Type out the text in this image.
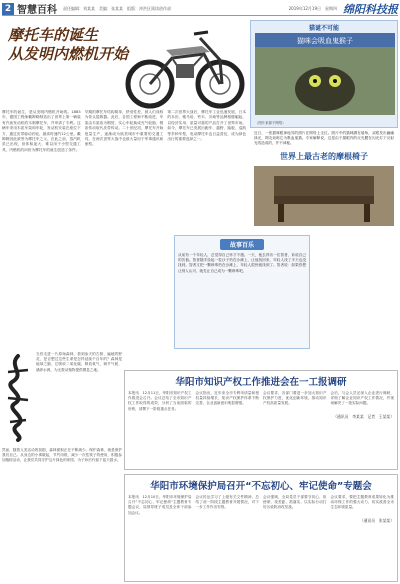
2 智慧百科 责任编辑：刘某某　美编：张某某　组版：冲洪区阅读创作部	2019年12月19日　星期四 绵阳科技报
摩托车的诞生
从发明内燃机开始
摩托车的诞生，是从发明内燃机开始的。1885年，德国工程师戴姆勒制造出了世界上第一辆装有汽油发动机的木制摩托车，并申请了专利。这辆车采用木质车架和车轮，发动机安装在座位下方，通过皮带驱动后轮，最高时速约12公里。戴姆勒因此被誉为摩托车之父。在此之前，蒸汽机虽已出现，但体积庞大，难以用于小型交通工具，内燃机的问世为摩托车的诞生创造了条件。
早期的摩托车结构简单，舒适性差，被人们戏称为骨头摇散器。此后，各国工程师不断改进，车架由木质改为钢管，实心车轮换成充气轮胎，链条传动取代皮带传动。二十世纪初，摩托车开始批量生产，逐渐成为欧美城市中重要的交通工具，在两次世界大战中也被大量用于军事通讯和侦察。
第二次世界大战后，摩托车工业迅速发展，日本的本田、雅马哈、铃木、川崎等品牌相继崛起，以经济实用、质量可靠的产品打开了世界市场。如今，摩托车已发展出跑车、越野、踏板、巡航等多种车型，电动摩托车也日益普及，成为绿色出行的重要选择之一。
猫谜不可能
猫咪会吸血鬼猴子
（图片来源于网络）
近日，一张猫咪眼神诡异的照片在网络上走红。照片中的猫咪蹲在墙角，双眼发出幽幽绿光，网友戏称它为吸血鬼猫。专家解释说，这是由于猫眼内的反光膜在闪光灯下反射光线造成的，并不神秘。
世界上最古老的摩根椅子
故事百乐
从前有一个年轻人，总觉得自己怀才不遇。一天，他去拜访一位智者，诉说自己的苦恼。智者随手捡起一粒沙子扔在沙滩上，让他找回来，年轻人找了半天也没找到。智者又把一颗珍珠扔在沙滩上，年轻人很快就找到了。智者说：如果你想让别人认可，就先让自己成为一颗珍珠吧。
当你走进一片原始森林，看到参天的古树、遍地的野花，是否想过这些生命是怎样延续千百年的？森林是地球之肺，它吸收二氧化碳，释放氧气，调节气候，涵养水源，为无数动植物提供栖息之地。
然而，随着人类活动的加剧，森林面积正在不断减少。保护森林，就是保护我们自己。从身边的小事做起，节约用纸，减少一次性筷子的使用，积极参加植树活动，让我们共同守护这片绿色的家园，为子孙后代留下蓝天碧水。
华阳市知识产权工作推进会在一工报调研
本报讯　12月11日，华阳市知识产权工作推进会召开。会议总结了全市知识产权工作取得的成效，分析了当前面临的形势，部署下一阶段重点任务。
会议指出，近年来全市专利申请量和授权量持续增长，知识产权保护体系不断完善，企业创新意识明显增强。
会议要求，各部门要进一步加大知识产权保护力度，优化创新环境，推动知识产权高质量发展。
会后，与会人员还深入企业进行调研，详细了解企业知识产权工作情况，并现场解决了一批实际问题。
（通讯员　李某某　记者　王某某）
华阳市环境保护局召开“不忘初心、牢记使命”专题会
本报讯　12月10日，华阳市环境保护局召开“不忘初心、牢记使命”主题教育专题会议，局领导班子成员及全体干部参加会议。
会议传达学习了上级有关文件精神，总结了前一阶段主题教育开展情况，对下一步工作作出安排。
会议强调，全局党员干部要守初心、担使命，找差距、抓落实，以实际行动打好污染防治攻坚战。
会议要求，要把主题教育成果转化为推动环保工作的强大动力，切实改善全市生态环境质量。
（通讯员　张某某）
